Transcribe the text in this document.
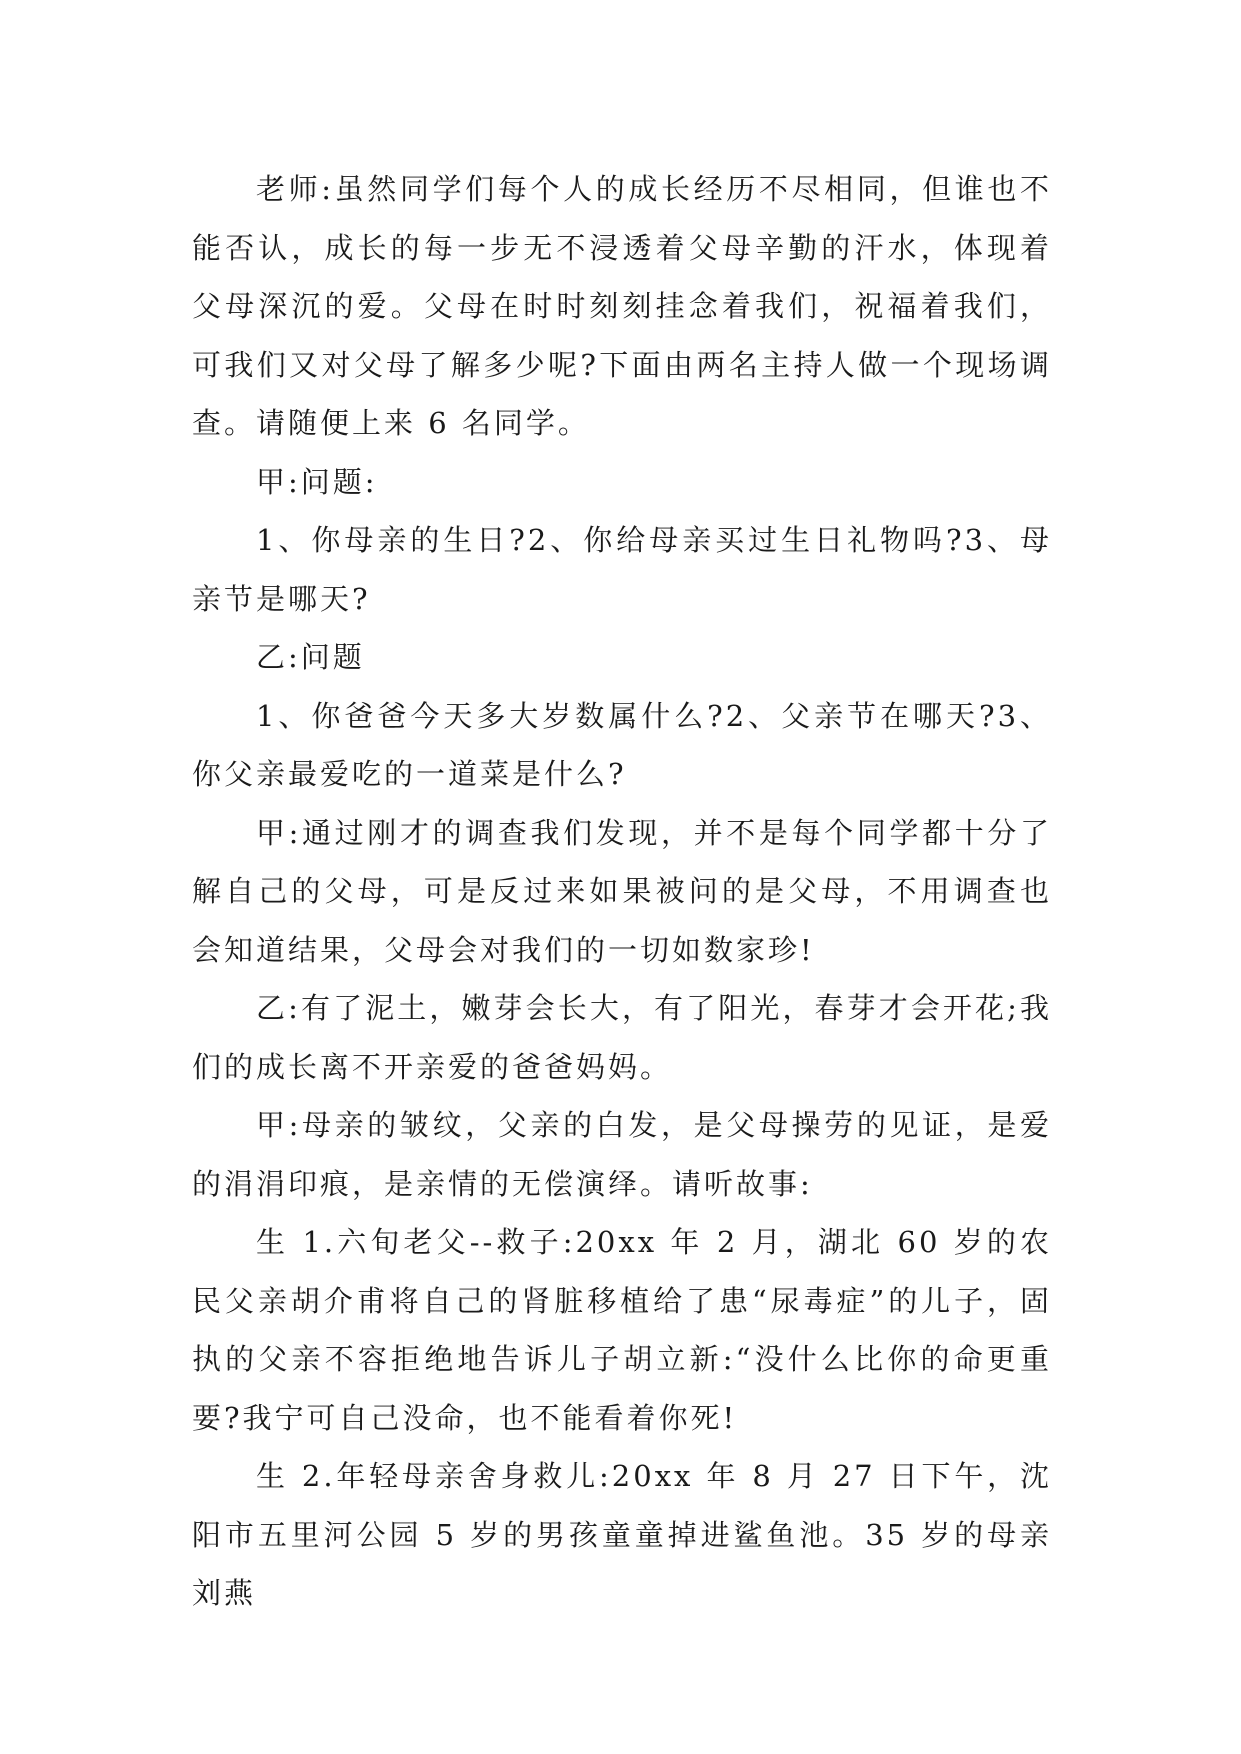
老师:虽然同学们每个人的成长经历不尽相同，但谁也不能否认，成长的每一步无不浸透着父母辛勤的汗水，体现着父母深沉的爱。父母在时时刻刻挂念着我们，祝福着我们，可我们又对父母了解多少呢?下面由两名主持人做一个现场调查。请随便上来 6 名同学。

甲:问题:

1、你母亲的生日?2、你给母亲买过生日礼物吗?3、母亲节是哪天?

乙:问题

1、你爸爸今天多大岁数属什么?2、父亲节在哪天?3、你父亲最爱吃的一道菜是什么?

甲:通过刚才的调查我们发现，并不是每个同学都十分了解自己的父母，可是反过来如果被问的是父母，不用调查也会知道结果，父母会对我们的一切如数家珍!

乙:有了泥土，嫩芽会长大，有了阳光，春芽才会开花;我们的成长离不开亲爱的爸爸妈妈。

甲:母亲的皱纹，父亲的白发，是父母操劳的见证，是爱的涓涓印痕，是亲情的无偿演绎。请听故事:

生 1.六旬老父--救子:20xx 年 2 月，湖北 60 岁的农民父亲胡介甫将自己的肾脏移植给了患“尿毒症”的儿子，固执的父亲不容拒绝地告诉儿子胡立新:“没什么比你的命更重要?我宁可自己没命，也不能看着你死!

生 2.年轻母亲舍身救儿:20xx 年 8 月 27 日下午，沈阳市五里河公园 5 岁的男孩童童掉进鲨鱼池。35 岁的母亲刘燕
